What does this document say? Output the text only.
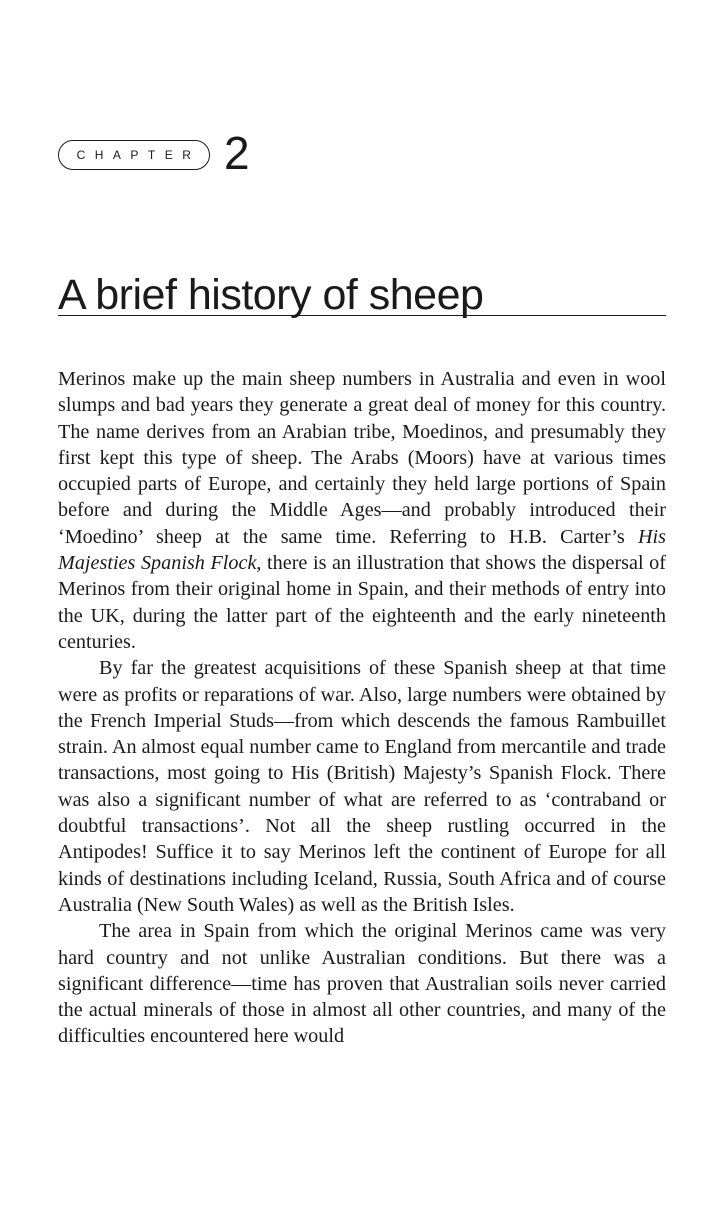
CHAPTER 2
A brief history of sheep

Merinos make up the main sheep numbers in Australia and even in wool slumps and bad years they generate a great deal of money for this country. The name derives from an Arabian tribe, Moedinos, and presumably they first kept this type of sheep. The Arabs (Moors) have at various times occupied parts of Europe, and certainly they held large portions of Spain before and during the Middle Ages—and probably introduced their ‘Moedino’ sheep at the same time. Referring to H.B. Carter’s His Majesties Spanish Flock, there is an illustration that shows the dispersal of Merinos from their original home in Spain, and their methods of entry into the UK, during the latter part of the eighteenth and the early nineteenth centuries.

By far the greatest acquisitions of these Spanish sheep at that time were as profits or reparations of war. Also, large numbers were obtained by the French Imperial Studs—from which descends the famous Rambuillet strain. An almost equal number came to England from mercantile and trade transactions, most going to His (British) Majesty’s Spanish Flock. There was also a significant number of what are referred to as ‘contraband or doubtful transactions’. Not all the sheep rustling occurred in the Antipodes! Suffice it to say Merinos left the continent of Europe for all kinds of destinations including Iceland, Russia, South Africa and of course Australia (New South Wales) as well as the British Isles.

The area in Spain from which the original Merinos came was very hard country and not unlike Australian conditions. But there was a significant difference—time has proven that Australian soils never carried the actual minerals of those in almost all other countries, and many of the difficulties encountered here would
